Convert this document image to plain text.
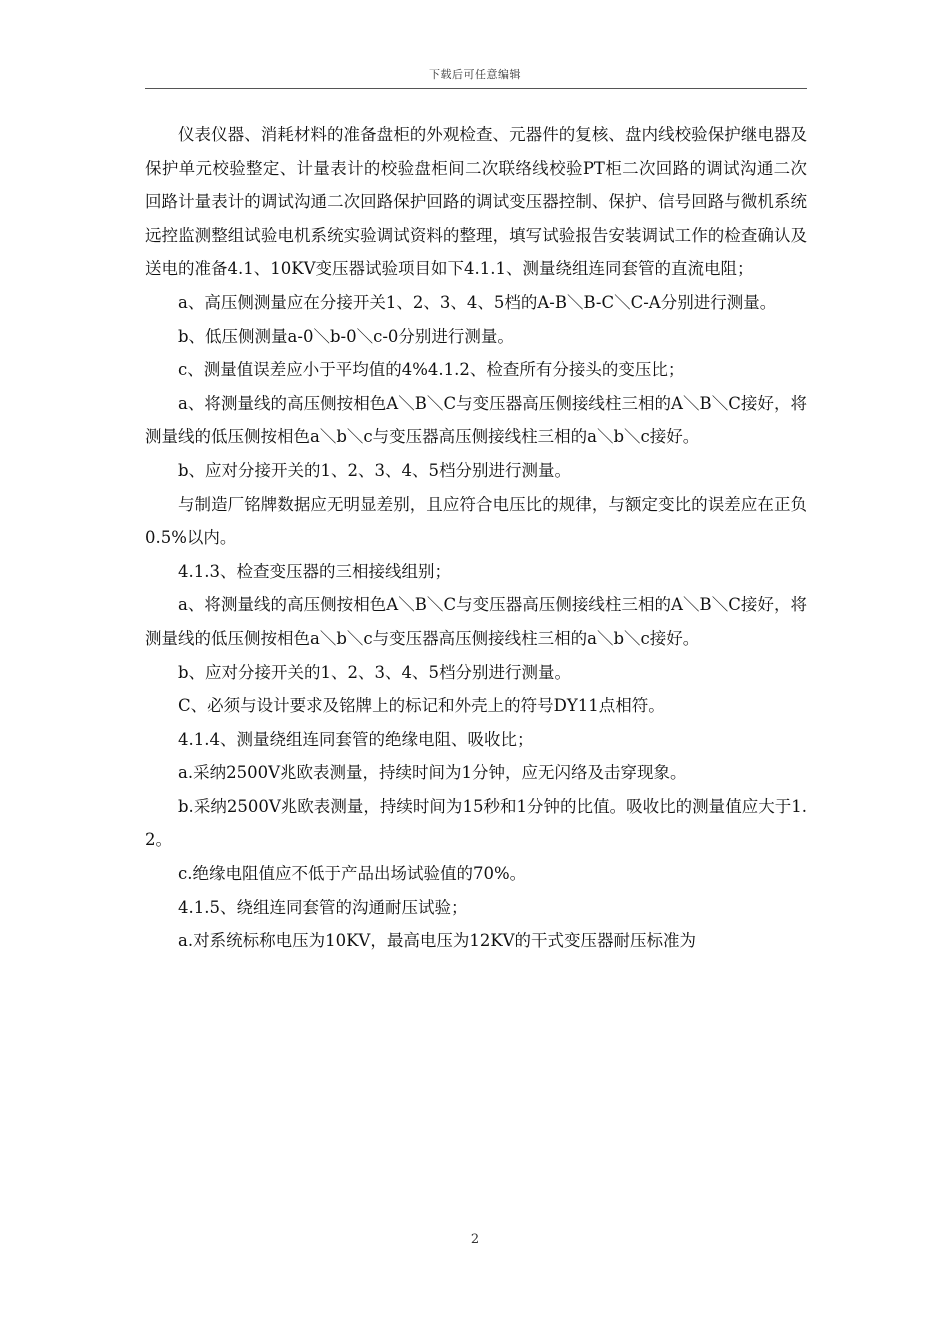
下载后可任意编辑

仪表仪器、消耗材料的准备盘柜的外观检查、元器件的复核、盘内线校验保护继电器及保护单元校验整定、计量表计的校验盘柜间二次联络线校验PT柜二次回路的调试沟通二次回路计量表计的调试沟通二次回路保护回路的调试变压器控制、保护、信号回路与微机系统远控监测整组试验电机系统实验调试资料的整理，填写试验报告安装调试工作的检查确认及送电的准备4.1、10KV变压器试验项目如下4.1.1、测量绕组连同套管的直流电阻；

a、高压侧测量应在分接开关1、2、3、4、5档的A-B＼B-C＼C-A分别进行测量。

b、低压侧测量a-0＼b-0＼c-0分别进行测量。

c、测量值误差应小于平均值的4%4.1.2、检查所有分接头的变压比；

a、将测量线的高压侧按相色A＼B＼C与变压器高压侧接线柱三相的A＼B＼C接好，将测量线的低压侧按相色a＼b＼c与变压器高压侧接线柱三相的a＼b＼c接好。

b、应对分接开关的1、2、3、4、5档分别进行测量。

与制造厂铭牌数据应无明显差别，且应符合电压比的规律，与额定变比的误差应在正负0.5%以内。

4.1.3、检查变压器的三相接线组别；

a、将测量线的高压侧按相色A＼B＼C与变压器高压侧接线柱三相的A＼B＼C接好，将测量线的低压侧按相色a＼b＼c与变压器高压侧接线柱三相的a＼b＼c接好。

b、应对分接开关的1、2、3、4、5档分别进行测量。

C、必须与设计要求及铭牌上的标记和外壳上的符号DY11点相符。

4.1.4、测量绕组连同套管的绝缘电阻、吸收比；

a.采纳2500V兆欧表测量，持续时间为1分钟，应无闪络及击穿现象。

b.采纳2500V兆欧表测量，持续时间为15秒和1分钟的比值。吸收比的测量值应大于1.2。

c.绝缘电阻值应不低于产品出场试验值的70%。

4.1.5、绕组连同套管的沟通耐压试验；

a.对系统标称电压为10KV，最高电压为12KV的干式变压器耐压标准为

2
